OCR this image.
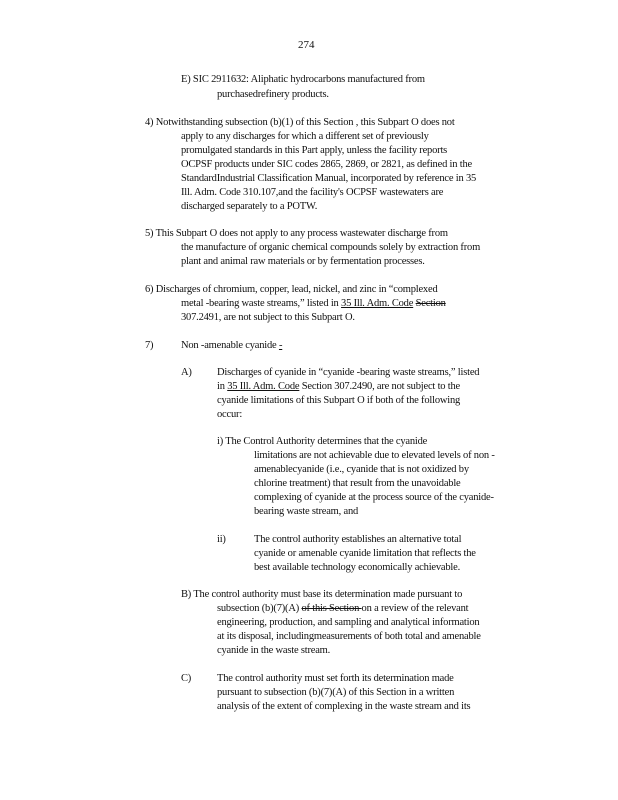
274
E) SIC 2911632: Aliphatic hydrocarbons manufactured from
purchasedrefinery products.
4) Notwithstanding subsection (b)(1) of this Section , this Subpart O does not
apply to any discharges for which a different set of previously
promulgated standards in this Part apply, unless the facility reports
OCPSF products under SIC codes 2865, 2869, or 2821, as defined in the
StandardIndustrial Classification Manual, incorporated by reference in 35
Ill. Adm. Code 310.107,and the facility's OCPSF wastewaters are
discharged separately to a POTW.
5) This Subpart O does not apply to any process wastewater discharge from
the manufacture of organic chemical compounds solely by extraction from
plant and animal raw materials or by fermentation processes.
6) Discharges of chromium, copper, lead, nickel, and zinc in “complexed
metal -bearing waste streams,” listed in 35 Ill. Adm. Code Section
307.2491, are not subject to this Subpart O.
7)	Non -amenable cyanide -
A) Discharges of cyanide in “cyanide -bearing waste streams,” listed
in 35 Ill. Adm. Code Section 307.2490, are not subject to the
cyanide limitations of this Subpart O if both of the following
occur:
i) The Control Authority determines that the cyanide
limitations are not achievable due to elevated levels of non -
amenablecyanide (i.e., cyanide that is not oxidized by
chlorine treatment) that result from the unavoidable
complexing of cyanide at the process source of the cyanide-
bearing waste stream, and
ii)	The control authority establishes an alternative total
cyanide or amenable cyanide limitation that reflects the
best available technology economically achievable.
B) The control authority must base its determination made pursuant to
subsection (b)(7)(A) of this Section on a review of the relevant
engineering, production, and sampling and analytical information
at its disposal, includingmeasurements of both total and amenable
cyanide in the waste stream.
C) The control authority must set forth its determination made
pursuant to subsection (b)(7)(A) of this Section in a written
analysis of the extent of complexing in the waste stream and its
